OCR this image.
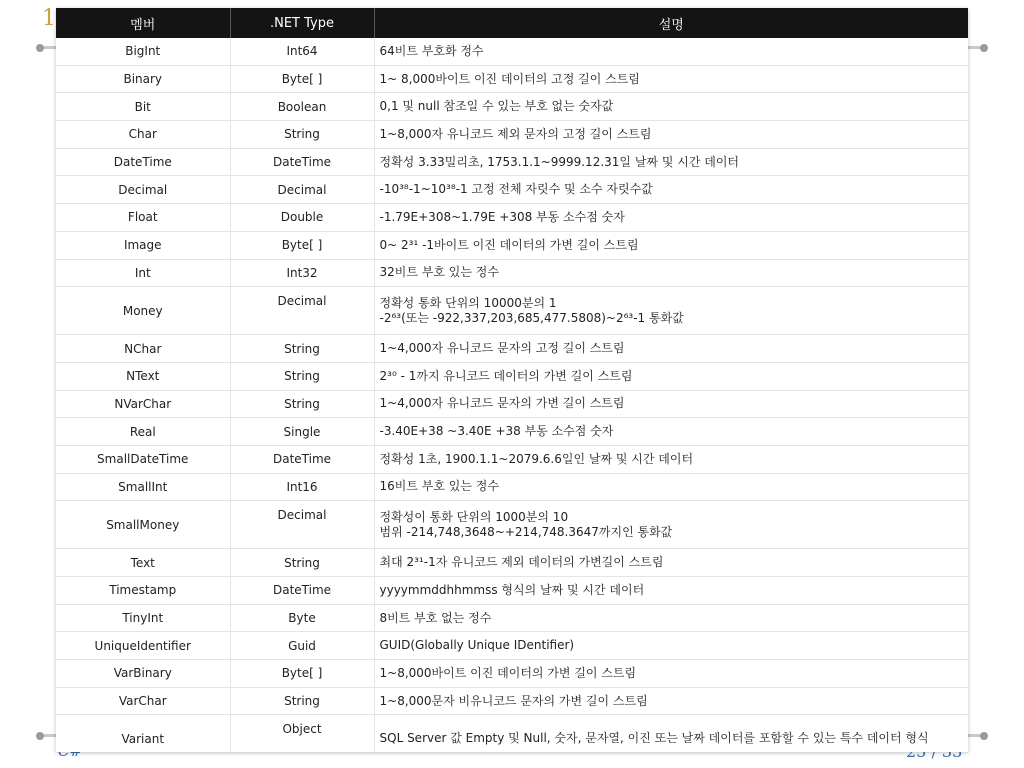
1	멤버	.NET Type	설명
BigInt	Int64	64비트 부호화 정수
Binary	Byte[ ]	1~ 8,000바이트 이진 데이터의 고정 길이 스트림
Bit	Boolean	0,1 및 null 참조일 수 있는 부호 없는 숫자값
Char	String	1~8,000자 유니코드 제외 문자의 고정 길이 스트림
DateTime	DateTime	정확성 3.33밀리초, 1753.1.1~9999.12.31일 날짜 및 시간 데이터
Decimal	Decimal	-10³⁸-1~10³⁸-1 고정 전체 자릿수 및 소수 자릿수값
Float	Double	-1.79E+308~1.79E +308 부동 소수점 숫자
Image	Byte[ ]	0~ 2³¹ -1바이트 이진 데이터의 가변 길이 스트림
Int	Int32	32비트 부호 있는 정수
Money	Decimal	정확성 통화 단위의 10000분의 1
-2⁶³(또는 -922,337,203,685,477.5808)~2⁶³-1 통화값
NChar	String	1~4,000자 유니코드 문자의 고정 길이 스트림
NText	String	2³⁰ - 1까지 유니코드 데이터의 가변 길이 스트림
NVarChar	String	1~4,000자 유니코드 문자의 가변 길이 스트림
Real	Single	-3.40E+38 ~3.40E +38 부동 소수점 숫자
SmallDateTime	DateTime	정확성 1초, 1900.1.1~2079.6.6일인 날짜 및 시간 데이터
SmallInt	Int16	16비트 부호 있는 정수
SmallMoney	Decimal	정확성이 통화 단위의 1000분의 10
범위 -214,748,3648~+214,748.3647까지인 통화값
Text	String	최대 2³¹-1자 유니코드 제외 데이터의 가변길이 스트림
Timestamp	DateTime	yyyymmddhhmmss 형식의 날짜 및 시간 데이터
TinyInt	Byte	8비트 부호 없는 정수
UniqueIdentifier	Guid	GUID(Globally Unique IDentifier)
VarBinary	Byte[ ]	1~8,000바이트 이진 데이터의 가변 길이 스트림
VarChar	String	1~8,000문자 비유니코드 문자의 가변 길이 스트림
Variant	Object	SQL Server 값 Empty 및 Null, 숫자, 문자열, 이진 또는 날짜 데이터를 포함할 수 있는 특수 데이터 형식
